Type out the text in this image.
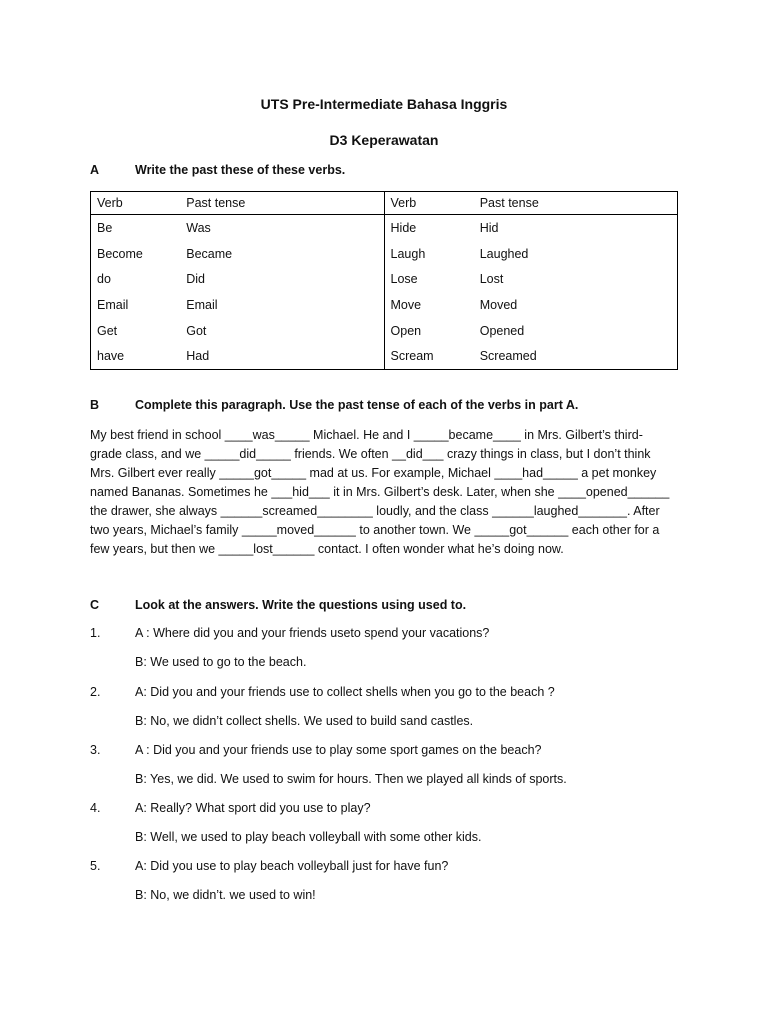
UTS Pre-Intermediate Bahasa Inggris
D3 Keperawatan
A	Write the past these of these verbs.
Verb	Past tense	Verb	Past tense
Be	Was	Hide	Hid
Become	Became	Laugh	Laughed
do	Did	Lose	Lost
Email	Email	Move	Moved
Get	Got	Open	Opened
have	Had	Scream	Screamed
B	Complete this paragraph. Use the past tense of each of the verbs in part A.
My best friend in school ____was_____ Michael. He and I _____became____ in Mrs. Gilbert’s third-
grade class, and we _____did_____ friends. We often __did___ crazy things in class, but I don’t think
Mrs. Gilbert ever really _____got_____ mad at us. For example, Michael ____had_____ a pet monkey
named Bananas. Sometimes he ___hid___ it in Mrs. Gilbert’s desk. Later, when she ____opened______
the drawer, she always ______screamed________ loudly, and the class ______laughed_______. After
two years, Michael’s family _____moved______ to another town. We _____got______ each other for a
few years, but then we _____lost______ contact. I often wonder what he’s doing now.
C	Look at the answers. Write the questions using used to.
1.	A : Where did you and your friends useto spend your vacations?
B: We used to go to the beach.
2.	A: Did you and your friends use to collect shells when you go to the beach ?
B: No, we didn’t collect shells. We used to build sand castles.
3.	A : Did you and your friends use to play some sport games on the beach?
B: Yes, we did. We used to swim for hours. Then we played all kinds of sports.
4.	A: Really? What sport did you use to play?
B: Well, we used to play beach volleyball with some other kids.
5.	A: Did you use to play beach volleyball just for have fun?
B: No, we didn’t. we used to win!
